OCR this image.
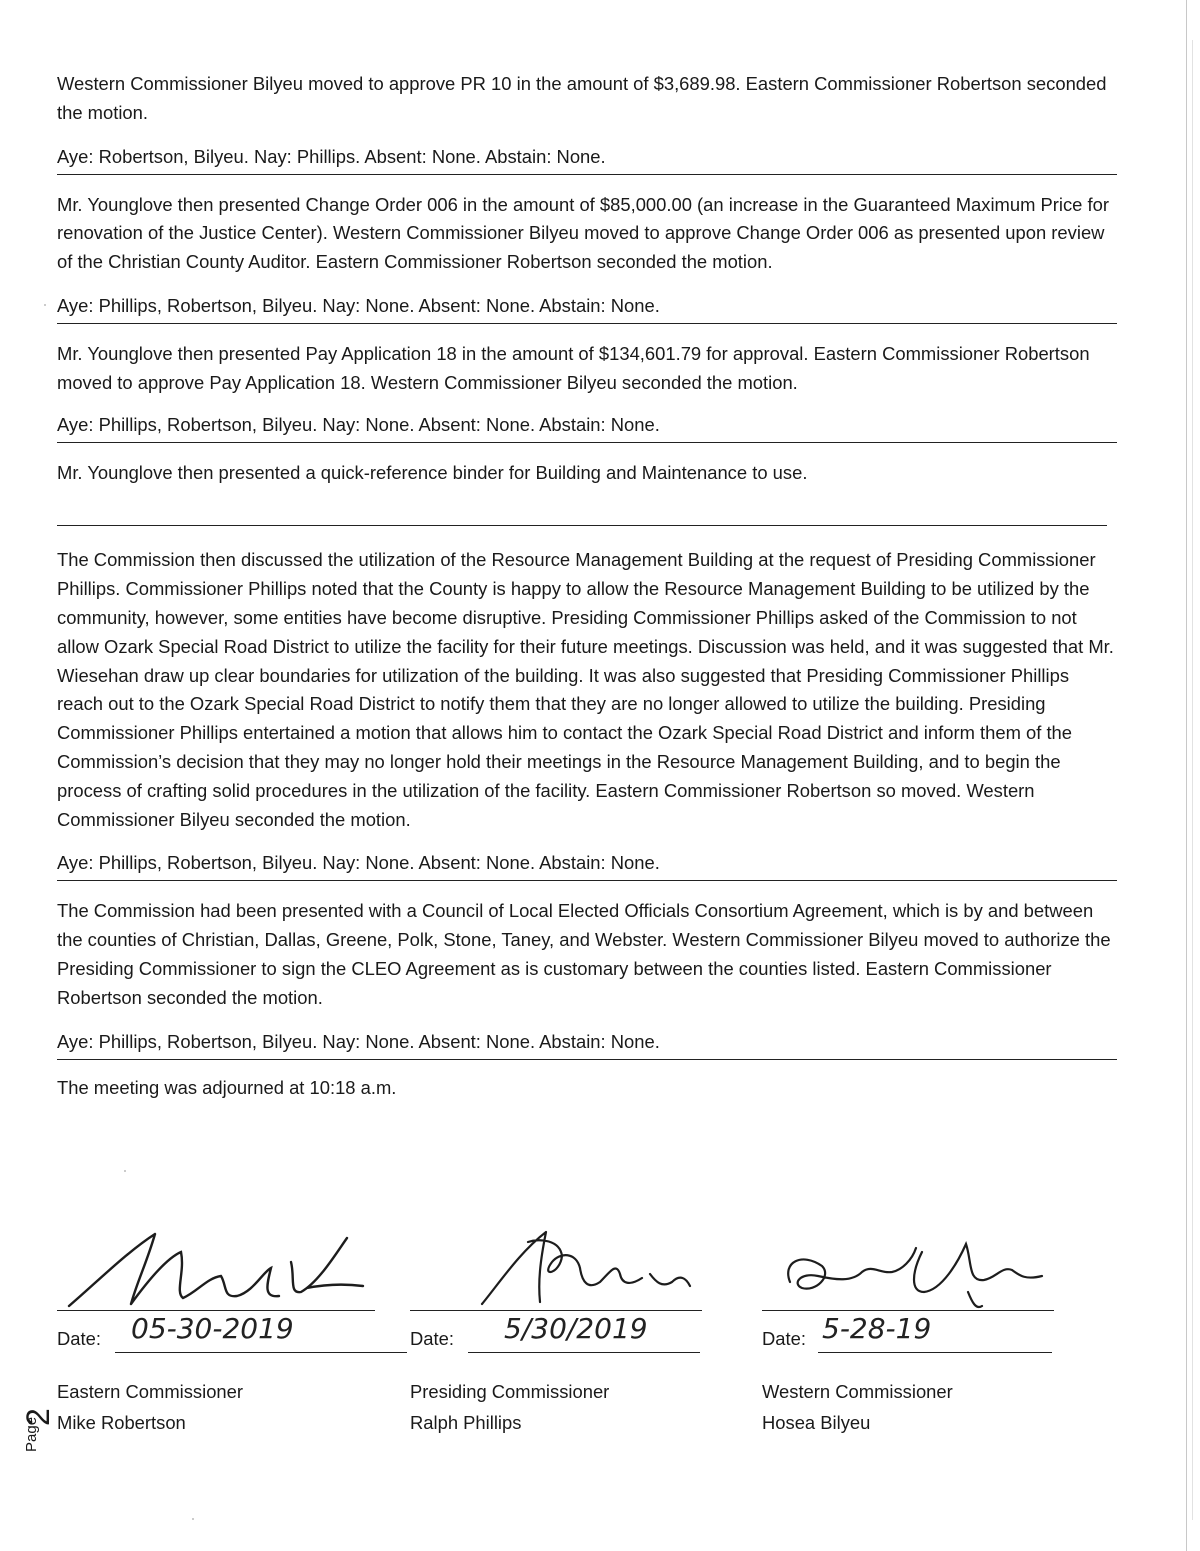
Western Commissioner Bilyeu moved to approve PR 10 in the amount of $3,689.98. Eastern Commissioner Robertson seconded the motion.

Aye: Robertson, Bilyeu. Nay: Phillips. Absent: None. Abstain: None.

Mr. Younglove then presented Change Order 006 in the amount of $85,000.00 (an increase in the Guaranteed Maximum Price for renovation of the Justice Center). Western Commissioner Bilyeu moved to approve Change Order 006 as presented upon review of the Christian County Auditor. Eastern Commissioner Robertson seconded the motion.

Aye: Phillips, Robertson, Bilyeu. Nay: None. Absent: None. Abstain: None.

Mr. Younglove then presented Pay Application 18 in the amount of $134,601.79 for approval. Eastern Commissioner Robertson moved to approve Pay Application 18. Western Commissioner Bilyeu seconded the motion.

Aye: Phillips, Robertson, Bilyeu. Nay: None. Absent: None. Abstain: None.

Mr. Younglove then presented a quick-reference binder for Building and Maintenance to use.

The Commission then discussed the utilization of the Resource Management Building at the request of Presiding Commissioner Phillips. Commissioner Phillips noted that the County is happy to allow the Resource Management Building to be utilized by the community, however, some entities have become disruptive. Presiding Commissioner Phillips asked of the Commission to not allow Ozark Special Road District to utilize the facility for their future meetings. Discussion was held, and it was suggested that Mr. Wiesehan draw up clear boundaries for utilization of the building. It was also suggested that Presiding Commissioner Phillips reach out to the Ozark Special Road District to notify them that they are no longer allowed to utilize the building. Presiding Commissioner Phillips entertained a motion that allows him to contact the Ozark Special Road District and inform them of the Commission’s decision that they may no longer hold their meetings in the Resource Management Building, and to begin the process of crafting solid procedures in the utilization of the facility. Eastern Commissioner Robertson so moved. Western Commissioner Bilyeu seconded the motion.

Aye: Phillips, Robertson, Bilyeu. Nay: None. Absent: None. Abstain: None.

The Commission had been presented with a Council of Local Elected Officials Consortium Agreement, which is by and between the counties of Christian, Dallas, Greene, Polk, Stone, Taney, and Webster. Western Commissioner Bilyeu moved to authorize the Presiding Commissioner to sign the CLEO Agreement as is customary between the counties listed. Eastern Commissioner Robertson seconded the motion.

Aye: Phillips, Robertson, Bilyeu. Nay: None. Absent: None. Abstain: None.

The meeting was adjourned at 10:18 a.m.

Date: 05-30-2019
Eastern Commissioner
Mike Robertson
Date: 5/30/2019
Presiding Commissioner
Ralph Phillips
Date: 5-28-19
Western Commissioner
Hosea Bilyeu
Page
2
